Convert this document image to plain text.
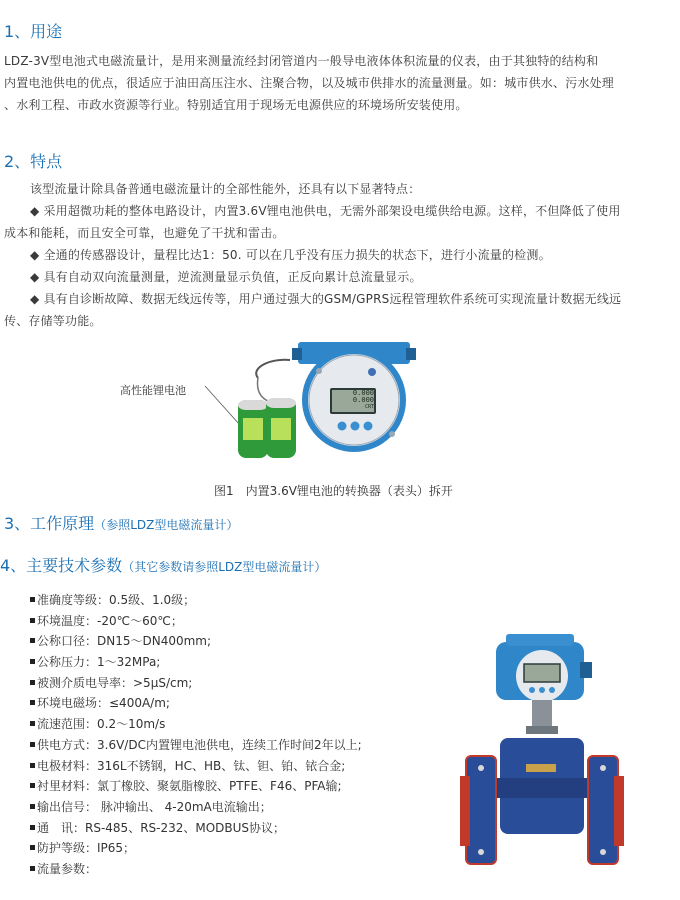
1、用途

LDZ-3V型电池式电磁流量计，是用来测量流经封闭管道内一般导电液体体积流量的仪表，由于其独特的结构和

内置电池供电的优点，很适应于油田高压注水、注聚合物，以及城市供排水的流量测量。如：城市供水、污水处理

、水利工程、市政水资源等行业。特别适宜用于现场无电源供应的环境场所安装使用。

2、特点

该型流量计除具备普通电磁流量计的全部性能外，还具有以下显著特点：

◆ 采用超微功耗的整体电路设计，内置3.6V锂电池供电，无需外部架设电缆供给电源。这样，不但降低了使用

成本和能耗，而且安全可靠，也避免了干扰和雷击。

◆ 全通的传感器设计，量程比达1：50. 可以在几乎没有压力损失的状态下，进行小流量的检测。

◆ 具有自动双向流量测量，逆流测量显示负值，正反向累计总流量显示。

◆ 具有自诊断故障、数据无线远传等，用户通过强大的GSM/GPRS远程管理软件系统可实现流量计数据无线远

传、存储等功能。

0.000
0.000
CRT
高性能锂电池
图1　内置3.6V锂电池的转换器（表头）拆开
3、工作原理（参照LDZ型电磁流量计）
4、主要技术参数（其它参数请参照LDZ型电磁流量计）
准确度等级：0.5级、1.0级；
环境温度：-20℃～60℃；
公称口径：DN15～DN400mm;
公称压力：1～32MPa;
被测介质电导率：>5μS/cm;
环境电磁场：≤400A/m;
流速范围：0.2～10m/s
供电方式：3.6V/DC内置锂电池供电，连续工作时间2年以上;
电极材料：316L不锈钢，HC、HB、钛、钽、铂、铱合金;
衬里材料：氯丁橡胶、聚氨脂橡胶、PTFE、F46、PFA输;
输出信号： 脉冲输出、 4-20mA电流输出；
通　讯：RS-485、RS-232、MODBUS协议；
防护等级：IP65；
流量参数：
